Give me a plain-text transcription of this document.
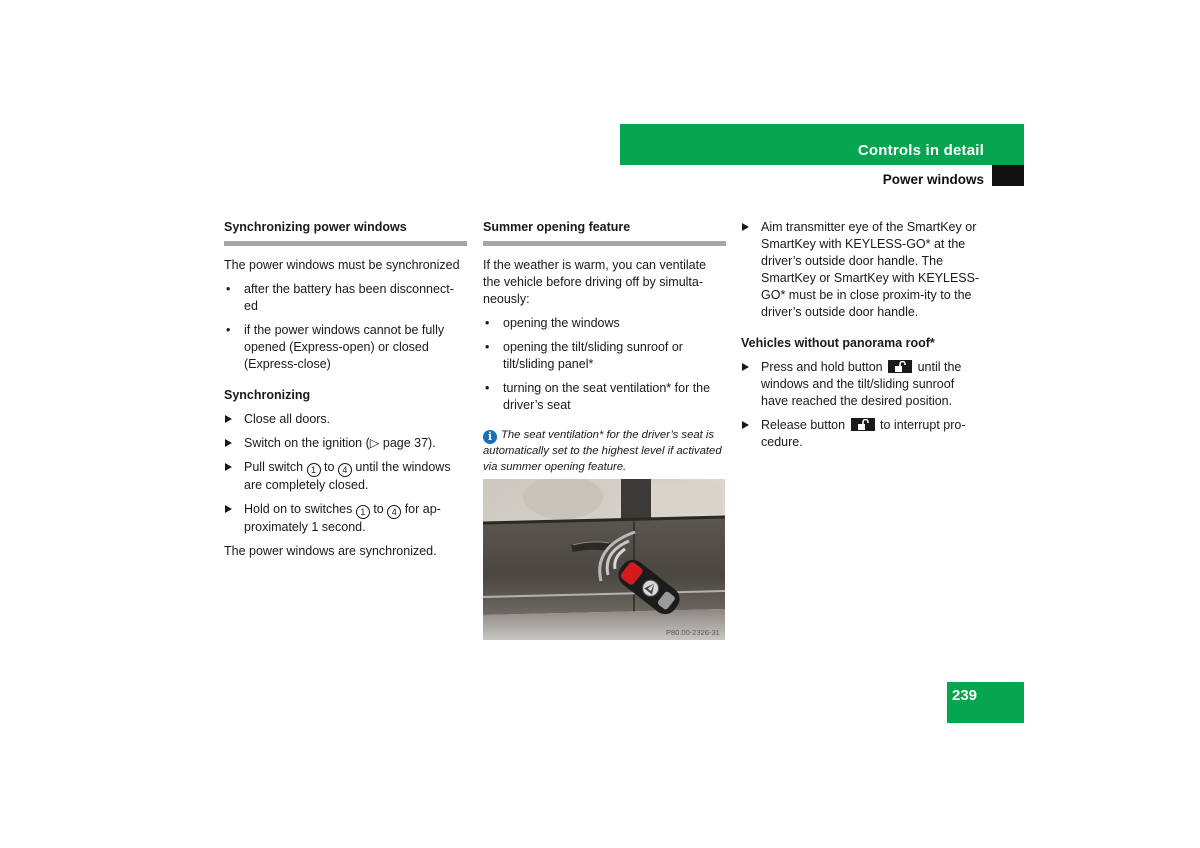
Controls in detail
Power windows
Synchronizing power windows

The power windows must be synchronized

• after the battery has been disconnect-ed
• if the power windows cannot be fully opened (Express-open) or closed (Express-close)
Synchronizing
Close all doors.
Switch on the ignition (▷ page 37).
Pull switch 1 to 4 until the windows are completely closed.
Hold on to switches 1 to 4 for ap-proximately 1 second.

The power windows are synchronized.

Summer opening feature

If the weather is warm, you can ventilate the vehicle before driving off by simulta-neously:

• opening the windows
• opening the tilt/sliding sunroof or tilt/sliding panel*
• turning on the seat ventilation* for the driver’s seat
i The seat ventilation* for the driver’s seat is automatically set to the highest level if activated via summer opening feature.
P80.00-2326-31
Aim transmitter eye of the SmartKey or SmartKey with KEYLESS-GO* at the driver’s outside door handle. The SmartKey or SmartKey with KEYLESS-GO* must be in close proxim-ity to the driver’s outside door handle.
Vehicles without panorama roof*
Press and hold button
until the windows and the tilt/sliding sunroof have reached the desired position.
Release button
to interrupt pro-cedure.
239
